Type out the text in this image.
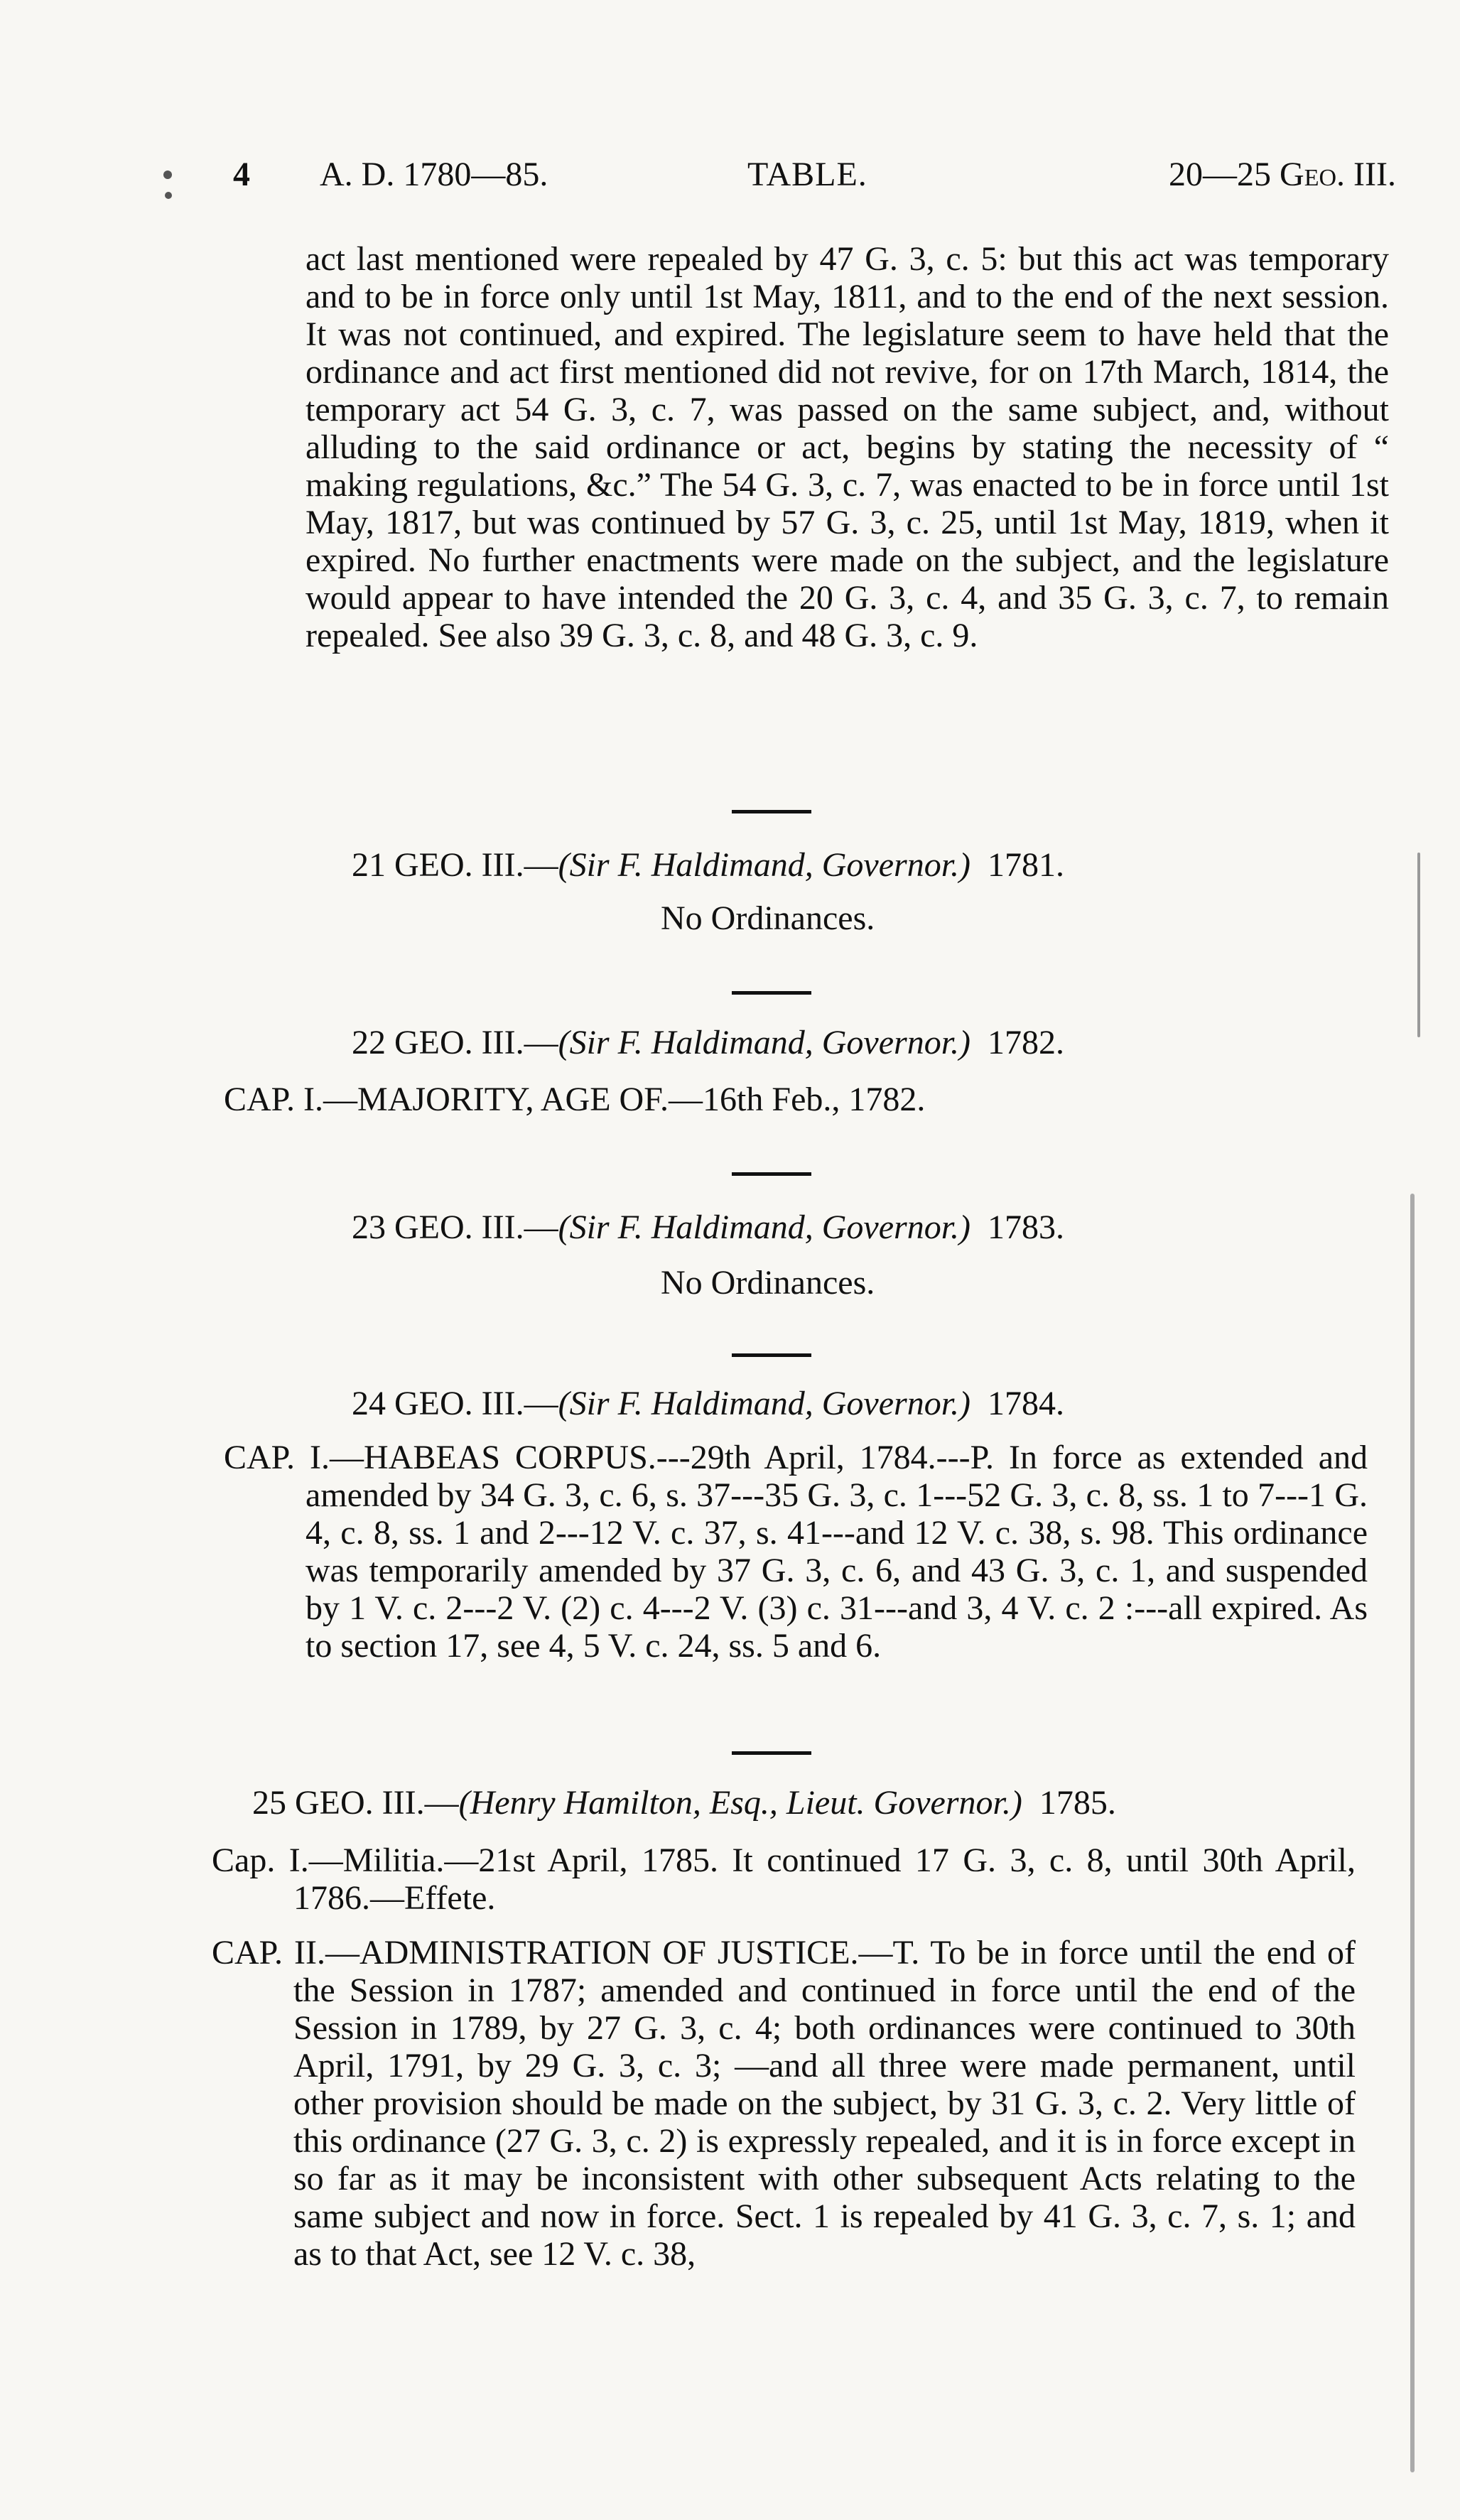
4 A. D. 1780—85.	TABLE.	20—25 Geo. III.

act last mentioned were repealed by 47 G. 3, c. 5: but this act was temporary and to be in force only until 1st May, 1811, and to the end of the next session. It was not continued, and expired. The legislature seem to have held that the ordinance and act first mentioned did not revive, for on 17th March, 1814, the temporary act 54 G. 3, c. 7, was passed on the same subject, and, without alluding to the said ordinance or act, begins by stating the necessity of “ making regulations, &c.” The 54 G. 3, c. 7, was enacted to be in force until 1st May, 1817, but was continued by 57 G. 3, c. 25, until 1st May, 1819, when it expired. No further enactments were made on the subject, and the legislature would appear to have intended the 20 G. 3, c. 4, and 35 G. 3, c. 7, to remain repealed. See also 39 G. 3, c. 8, and 48 G. 3, c. 9.

21 GEO. III.—(Sir F. Haldimand, Governor.) 1781.
No Ordinances.
22 GEO. III.—(Sir F. Haldimand, Governor.) 1782.
CAP. I.—MAJORITY, AGE OF.—16th Feb., 1782.
23 GEO. III.—(Sir F. Haldimand, Governor.) 1783.
No Ordinances.
24 GEO. III.—(Sir F. Haldimand, Governor.) 1784.

CAP. I.—HABEAS CORPUS.---29th April, 1784.---P. In force as extended and amended by 34 G. 3, c. 6, s. 37---35 G. 3, c. 1---52 G. 3, c. 8, ss. 1 to 7---1 G. 4, c. 8, ss. 1 and 2---12 V. c. 37, s. 41---and 12 V. c. 38, s. 98. This ordinance was temporarily amended by 37 G. 3, c. 6, and 43 G. 3, c. 1, and suspended by 1 V. c. 2---2 V. (2) c. 4---2 V. (3) c. 31---and 3, 4 V. c. 2 :---all expired. As to section 17, see 4, 5 V. c. 24, ss. 5 and 6.

25 GEO. III.—(Henry Hamilton, Esq., Lieut. Governor.) 1785.

Cap. I.—Militia.—21st April, 1785. It continued 17 G. 3, c. 8, until 30th April, 1786.—Effete.

CAP. II.—ADMINISTRATION OF JUSTICE.—T. To be in force until the end of the Session in 1787; amended and continued in force until the end of the Session in 1789, by 27 G. 3, c. 4; both ordinances were continued to 30th April, 1791, by 29 G. 3, c. 3; —and all three were made permanent, until other provision should be made on the subject, by 31 G. 3, c. 2. Very little of this ordinance (27 G. 3, c. 2) is expressly repealed, and it is in force except in so far as it may be inconsistent with other subsequent Acts relating to the same subject and now in force. Sect. 1 is repealed by 41 G. 3, c. 7, s. 1; and as to that Act, see 12 V. c. 38,
